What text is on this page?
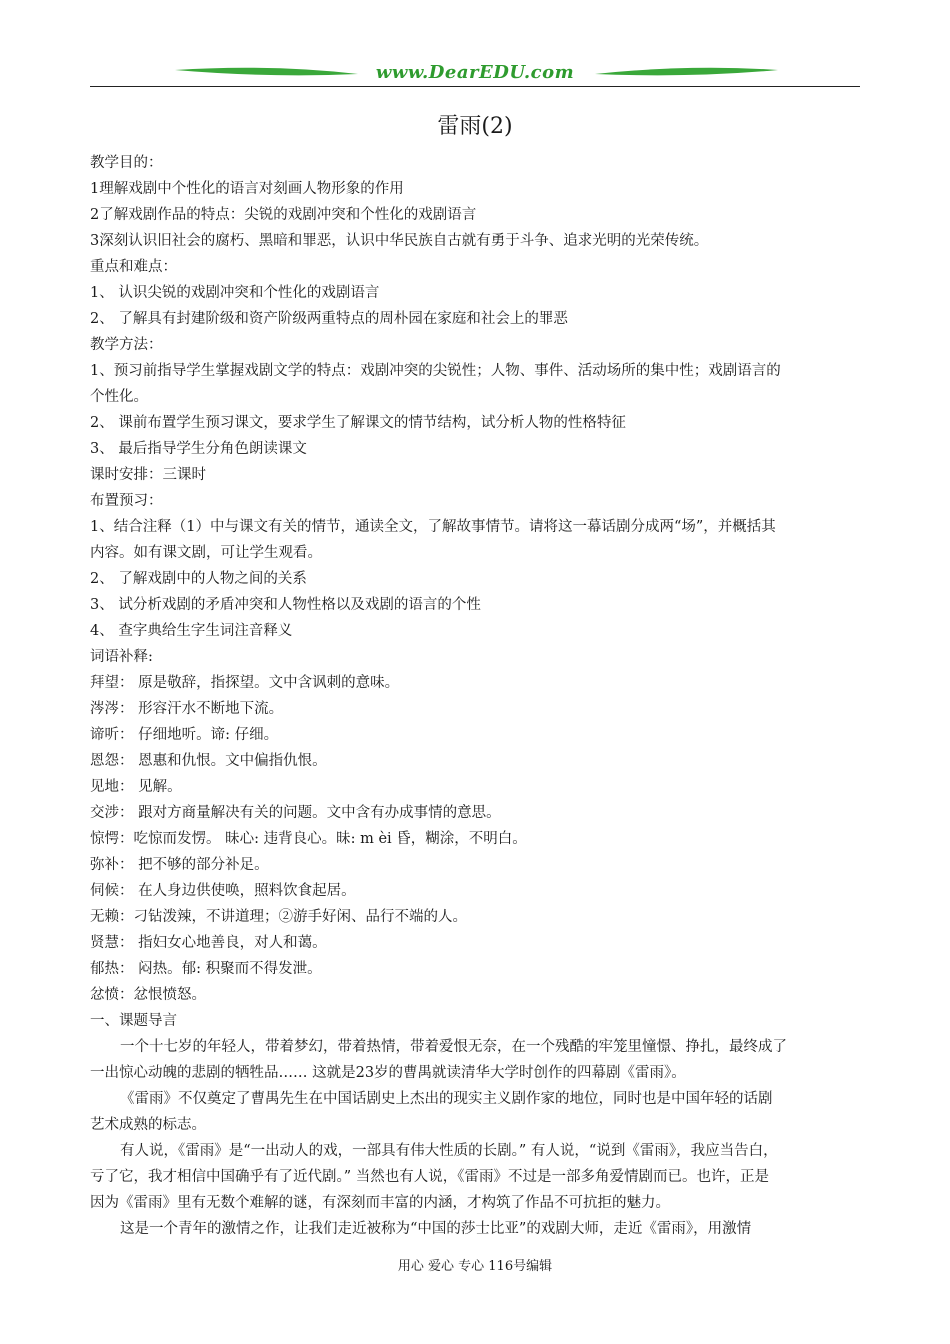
www.DearEDU.com
雷雨(2)
教学目的：
1理解戏剧中个性化的语言对刻画人物形象的作用
2了解戏剧作品的特点：尖锐的戏剧冲突和个性化的戏剧语言
3深刻认识旧社会的腐朽、黑暗和罪恶，认识中华民族自古就有勇于斗争、追求光明的光荣传统。
重点和难点：
1、 认识尖锐的戏剧冲突和个性化的戏剧语言
2、 了解具有封建阶级和资产阶级两重特点的周朴园在家庭和社会上的罪恶
教学方法：
1、预习前指导学生掌握戏剧文学的特点：戏剧冲突的尖锐性；人物、事件、活动场所的集中性；戏剧语言的
个性化。
2、 课前布置学生预习课文，要求学生了解课文的情节结构，试分析人物的性格特征
3、 最后指导学生分角色朗读课文
课时安排：三课时
布置预习：
1、结合注释（1）中与课文有关的情节，通读全文，了解故事情节。请将这一幕话剧分成两“场”，并概括其
内容。如有课文剧，可让学生观看。
2、 了解戏剧中的人物之间的关系
3、 试分析戏剧的矛盾冲突和人物性格以及戏剧的语言的个性
4、 查字典给生字生词注音释义
词语补释:
拜望： 原是敬辞，指探望。文中含讽刺的意味。
涔涔： 形容汗水不断地下流。
谛听： 仔细地听。谛: 仔细。
恩怨： 恩惠和仇恨。文中偏指仇恨。
见地： 见解。
交涉： 跟对方商量解决有关的问题。文中含有办成事情的意思。
惊愕：吃惊而发愣。 昧心: 违背良心。昧: m èi 昏，糊涂，不明白。
弥补： 把不够的部分补足。
伺候： 在人身边供使唤，照料饮食起居。
无赖：刁钻泼辣，不讲道理；②游手好闲、品行不端的人。
贤慧： 指妇女心地善良，对人和蔼。
郁热： 闷热。郁: 积聚而不得发泄。
忿愤：忿恨愤怒。
一、课题导言
一个十七岁的年轻人，带着梦幻，带着热情，带着爱恨无奈，在一个残酷的牢笼里憧憬、挣扎，最终成了
一出惊心动魄的悲剧的牺牲品…… 这就是23岁的曹禺就读清华大学时创作的四幕剧《雷雨》。
《雷雨》不仅奠定了曹禺先生在中国话剧史上杰出的现实主义剧作家的地位，同时也是中国年轻的话剧
艺术成熟的标志。
有人说，《雷雨》是“一出动人的戏，一部具有伟大性质的长剧。” 有人说，“说到《雷雨》，我应当告白，
亏了它，我才相信中国确乎有了近代剧。” 当然也有人说，《雷雨》不过是一部多角爱情剧而已。也许，正是
因为《雷雨》里有无数个难解的谜，有深刻而丰富的内涵，才构筑了作品不可抗拒的魅力。
这是一个青年的激情之作，让我们走近被称为“中国的莎士比亚”的戏剧大师，走近《雷雨》，用激情
用心 爱心 专心 116号编辑
